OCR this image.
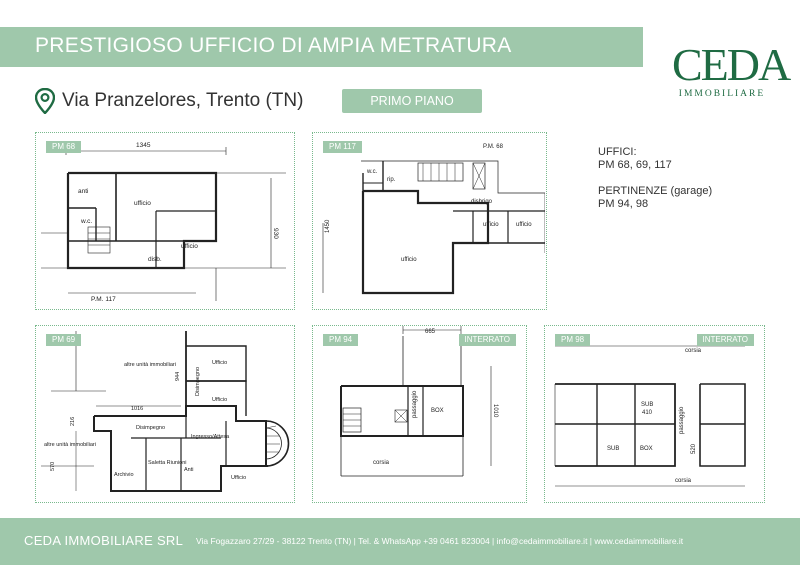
PRESTIGIOSO UFFICIO DI AMPIA METRATURA	CEDA
IMMOBILIARE
Via Pranzelores, Trento (TN)	PRIMO PIANO
1345
anti
w.c.
ufficio
ufficio
disb.
P.M. 117
930
PM 68	P.M. 68
w.c.
rip.
disbrigo
ufficio	ufficio
ufficio
1450
PM 117
altre unità immobiliari
altre unità immobiliari
Ufficio
Ufficio
Ufficio
Disimpegno
Disimpegno
Ingresso/Attesa
Archivio
Saletta Riunioni
Anti
1016
944
570
216
PM 69
665
BOX
passaggio
corsia
1010
PM 94	INTERRATO
corsia
SUB
410
SUB	BOX
passaggio
520
corsia
PM 98	INTERRATO
UFFICI:
PM 68, 69, 117
PERTINENZE (garage)
PM 94, 98
CEDA IMMOBILIARE SRL Via Fogazzaro 27/29 - 38122 Trento (TN) | Tel. & WhatsApp +39 0461 823004 | info@cedaimmobiliare.it | www.cedaimmobiliare.it
